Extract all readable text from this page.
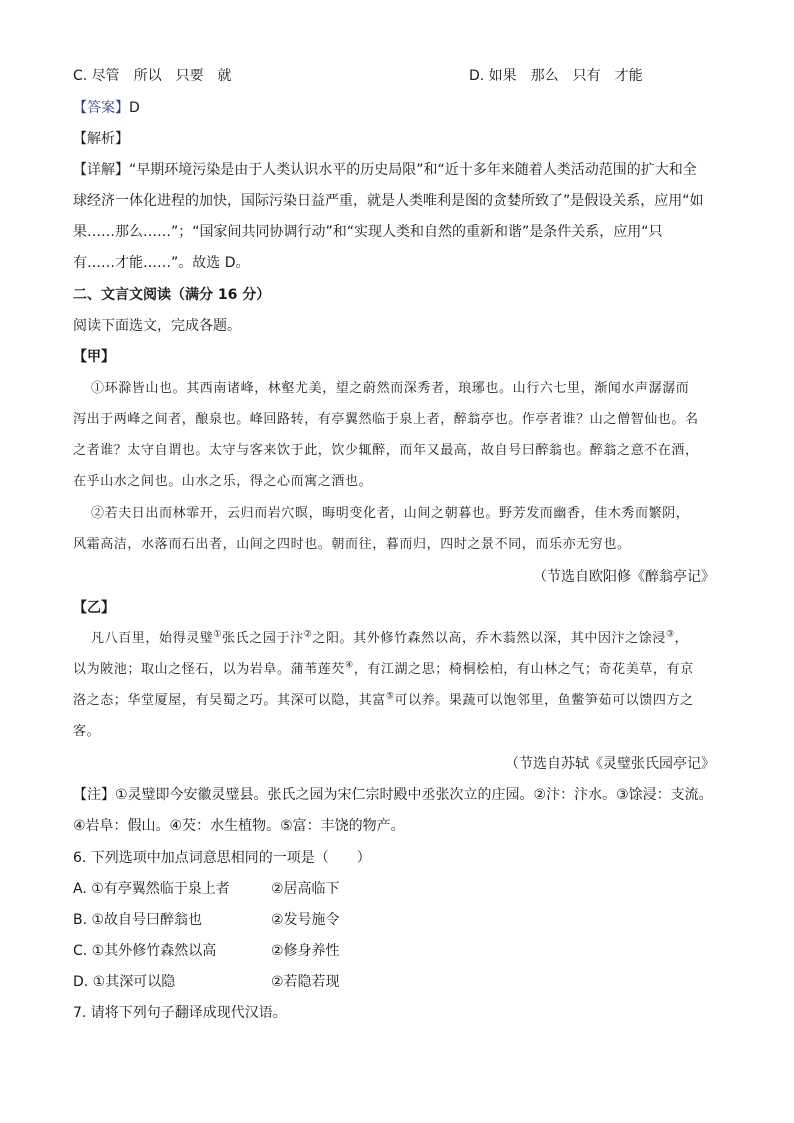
C. 尽管　所以　只要　就	D. 如果　那么　只有　才能
【答案】D
【解析】
【详解】“早期环境污染是由于人类认识水平的历史局限”和“近十多年来随着人类活动范围的扩大和全
球经济一体化进程的加快，国际污染日益严重，就是人类唯利是图的贪婪所致了”是假设关系，应用“如
果……那么……”；“国家间共同协调行动”和“实现人类和自然的重新和谐”是条件关系，应用“只
有……才能……”。故选 D。
二、文言文阅读（满分 16 分）
阅读下面选文，完成各题。
【甲】
①环滁皆山也。其西南诸峰，林壑尤美，望之蔚然而深秀者，琅琊也。山行六七里，渐闻水声潺潺而
泻出于两峰之间者，酿泉也。峰回路转，有亭翼然临于泉上者，醉翁亭也。作亭者谁？山之僧智仙也。名
之者谁？太守自谓也。太守与客来饮于此，饮少辄醉，而年又最高，故自号曰醉翁也。醉翁之意不在酒，
在乎山水之间也。山水之乐，得之心而寓之酒也。
②若夫日出而林霏开，云归而岩穴暝，晦明变化者，山间之朝暮也。野芳发而幽香，佳木秀而繁阴，
风霜高洁，水落而石出者，山间之四时也。朝而往，暮而归，四时之景不同，而乐亦无穷也。
（节选自欧阳修《醉翁亭记》
【乙】
凡八百里，始得灵璧①张氏之园于汴②之阳。其外修竹森然以高，乔木蓊然以深，其中因汴之馀浸③，
以为陂池；取山之怪石，以为岩阜。蒲苇莲芡④，有江湖之思；椅桐桧柏，有山林之气；奇花美草，有京
洛之态；华堂厦屋，有吴蜀之巧。其深可以隐，其富⑤可以养。果蔬可以饱邻里，鱼鳖笋茹可以馈四方之
客。
（节选自苏轼《灵璧张氏园亭记》
【注】①灵璧即今安徽灵璧县。张氏之园为宋仁宗时殿中丞张次立的庄园。②汴：汴水。③馀浸：支流。
④岩阜：假山。④芡：水生植物。⑤富：丰饶的物产。
6. 下列选项中加点词意思相同的一项是（　　）
A. ①有亭翼然临于泉上者	②居高临下
B. ①故自号曰醉翁也	②发号施令
C. ①其外修竹森然以高	②修身养性
D. ①其深可以隐	②若隐若现
7. 请将下列句子翻译成现代汉语。
